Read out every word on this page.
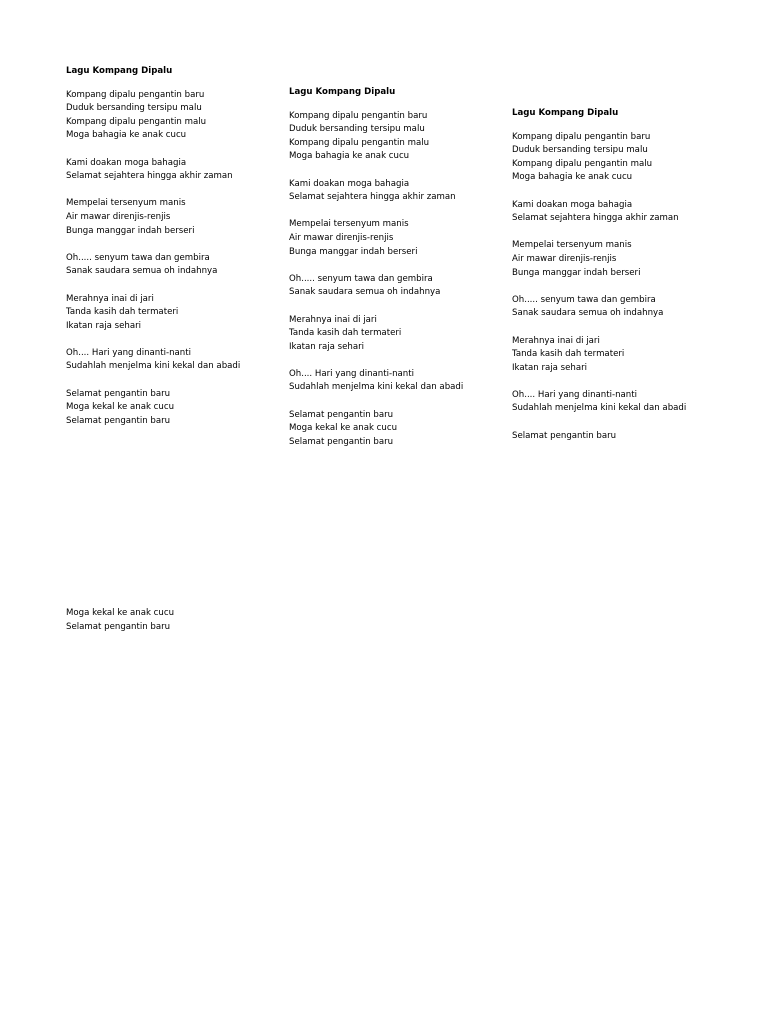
Lagu Kompang Dipalu
Kompang dipalu pengantin baru
Duduk bersanding tersipu malu
Kompang dipalu pengantin malu
Moga bahagia ke anak cucu
Kami doakan moga bahagia
Selamat sejahtera hingga akhir zaman
Mempelai tersenyum manis
Air mawar direnjis-renjis
Bunga manggar indah berseri
Oh..... senyum tawa dan gembira
Sanak saudara semua oh indahnya
Merahnya inai di jari
Tanda kasih dah termateri
Ikatan raja sehari
Oh.... Hari yang dinanti-nanti
Sudahlah menjelma kini kekal dan abadi
Selamat pengantin baru
Moga kekal ke anak cucu
Selamat pengantin baru
Lagu Kompang Dipalu
Kompang dipalu pengantin baru
Duduk bersanding tersipu malu
Kompang dipalu pengantin malu
Moga bahagia ke anak cucu
Kami doakan moga bahagia
Selamat sejahtera hingga akhir zaman
Mempelai tersenyum manis
Air mawar direnjis-renjis
Bunga manggar indah berseri
Oh..... senyum tawa dan gembira
Sanak saudara semua oh indahnya
Merahnya inai di jari
Tanda kasih dah termateri
Ikatan raja sehari
Oh.... Hari yang dinanti-nanti
Sudahlah menjelma kini kekal dan abadi
Selamat pengantin baru
Moga kekal ke anak cucu
Selamat pengantin baru
Lagu Kompang Dipalu
Kompang dipalu pengantin baru
Duduk bersanding tersipu malu
Kompang dipalu pengantin malu
Moga bahagia ke anak cucu
Kami doakan moga bahagia
Selamat sejahtera hingga akhir zaman
Mempelai tersenyum manis
Air mawar direnjis-renjis
Bunga manggar indah berseri
Oh..... senyum tawa dan gembira
Sanak saudara semua oh indahnya
Merahnya inai di jari
Tanda kasih dah termateri
Ikatan raja sehari
Oh.... Hari yang dinanti-nanti
Sudahlah menjelma kini kekal dan abadi
Selamat pengantin baru
Moga kekal ke anak cucu
Selamat pengantin baru
